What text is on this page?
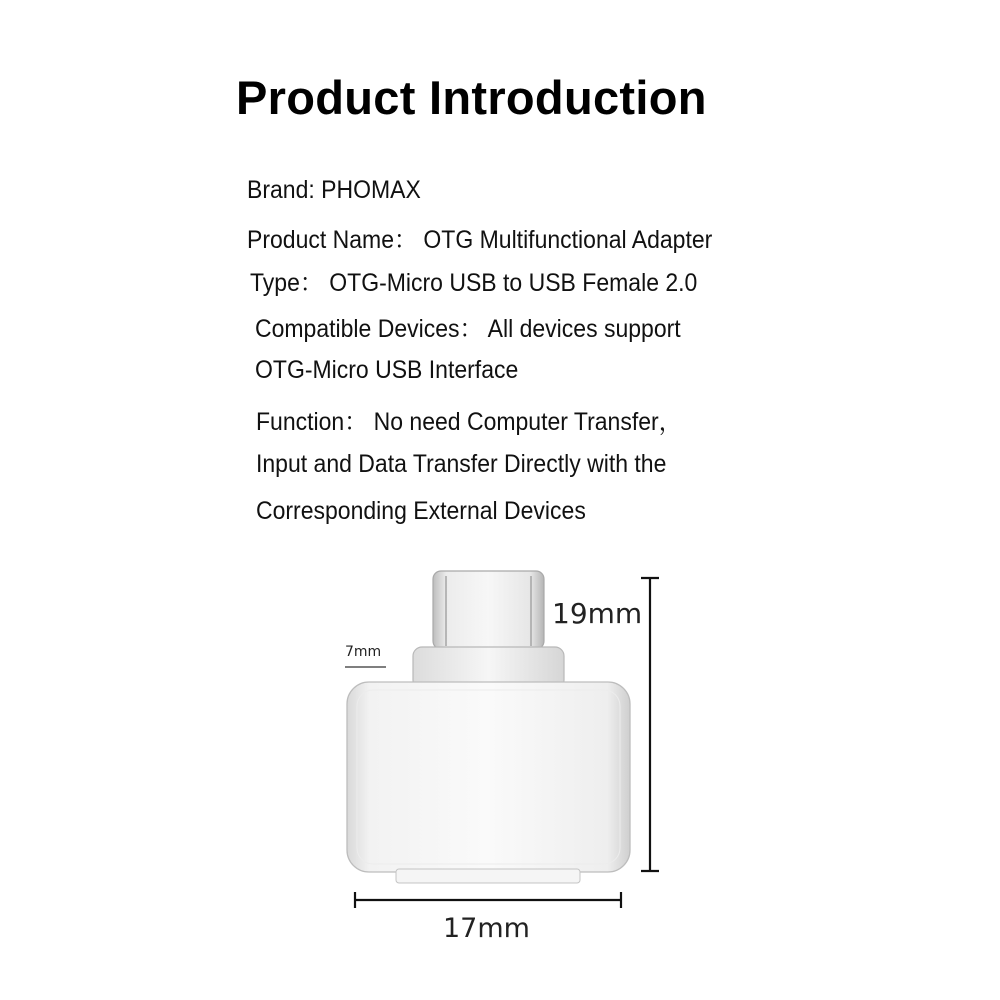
Product Introduction
Brand: PHOMAX
Product Name： OTG Multifunctional Adapter
Type： OTG-Micro USB to USB Female 2.0
Compatible Devices： All devices support
OTG-Micro USB Interface
Function： No need Computer Transfer，
Input and Data Transfer Directly with the
Corresponding External Devices
19mm
17mm
7mm
